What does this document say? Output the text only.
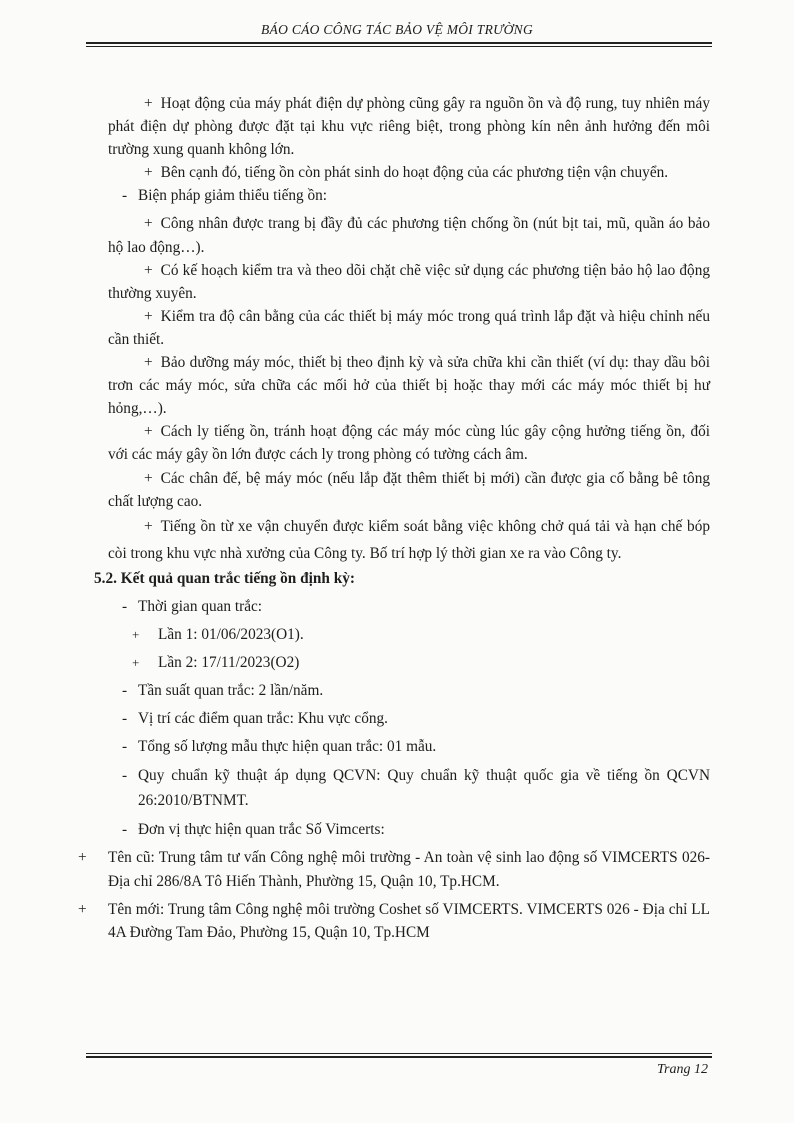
BÁO CÁO CÔNG TÁC BẢO VỆ MÔI TRƯỜNG
+ Hoạt động của máy phát điện dự phòng cũng gây ra nguồn ồn và độ rung, tuy nhiên máy phát điện dự phòng được đặt tại khu vực riêng biệt, trong phòng kín nên ảnh hưởng đến môi trường xung quanh không lớn.
+ Bên cạnh đó, tiếng ồn còn phát sinh do hoạt động của các phương tiện vận chuyển.
- Biện pháp giảm thiểu tiếng ồn:
+ Công nhân được trang bị đầy đủ các phương tiện chống ồn (nút bịt tai, mũ, quần áo bảo hộ lao động…).
+ Có kế hoạch kiểm tra và theo dõi chặt chẽ việc sử dụng các phương tiện bảo hộ lao động thường xuyên.
+ Kiểm tra độ cân bằng của các thiết bị máy móc trong quá trình lắp đặt và hiệu chỉnh nếu cần thiết.
+ Bảo dưỡng máy móc, thiết bị theo định kỳ và sửa chữa khi cần thiết (ví dụ: thay dầu bôi trơn các máy móc, sửa chữa các mối hở của thiết bị hoặc thay mới các máy móc thiết bị hư hỏng,…).
+ Cách ly tiếng ồn, tránh hoạt động các máy móc cùng lúc gây cộng hưởng tiếng ồn, đối với các máy gây ồn lớn được cách ly trong phòng có tường cách âm.
+ Các chân đế, bệ máy móc (nếu lắp đặt thêm thiết bị mới) cần được gia cố bằng bê tông chất lượng cao.
+ Tiếng ồn từ xe vận chuyển được kiểm soát bằng việc không chở quá tải và hạn chế bóp còi trong khu vực nhà xưởng của Công ty. Bố trí hợp lý thời gian xe ra vào Công ty.
5.2. Kết quả quan trắc tiếng ồn định kỳ:
- Thời gian quan trắc:
+ Lần 1: 01/06/2023(O1).
+ Lần 2: 17/11/2023(O2)
- Tần suất quan trắc: 2 lần/năm.
- Vị trí các điểm quan trắc: Khu vực cổng.
- Tổng số lượng mẫu thực hiện quan trắc: 01 mẫu.
- Quy chuẩn kỹ thuật áp dụng QCVN: Quy chuẩn kỹ thuật quốc gia về tiếng ồn QCVN 26:2010/BTNMT.
- Đơn vị thực hiện quan trắc Số Vimcerts:
+ Tên cũ: Trung tâm tư vấn Công nghệ môi trường - An toàn vệ sinh lao động số VIMCERTS 026- Địa chỉ 286/8A Tô Hiến Thành, Phường 15, Quận 10, Tp.HCM.
+ Tên mới: Trung tâm Công nghệ môi trường Coshet số VIMCERTS. VIMCERTS 026 - Địa chỉ LL 4A Đường Tam Đảo, Phường 15, Quận 10, Tp.HCM
Trang 12
